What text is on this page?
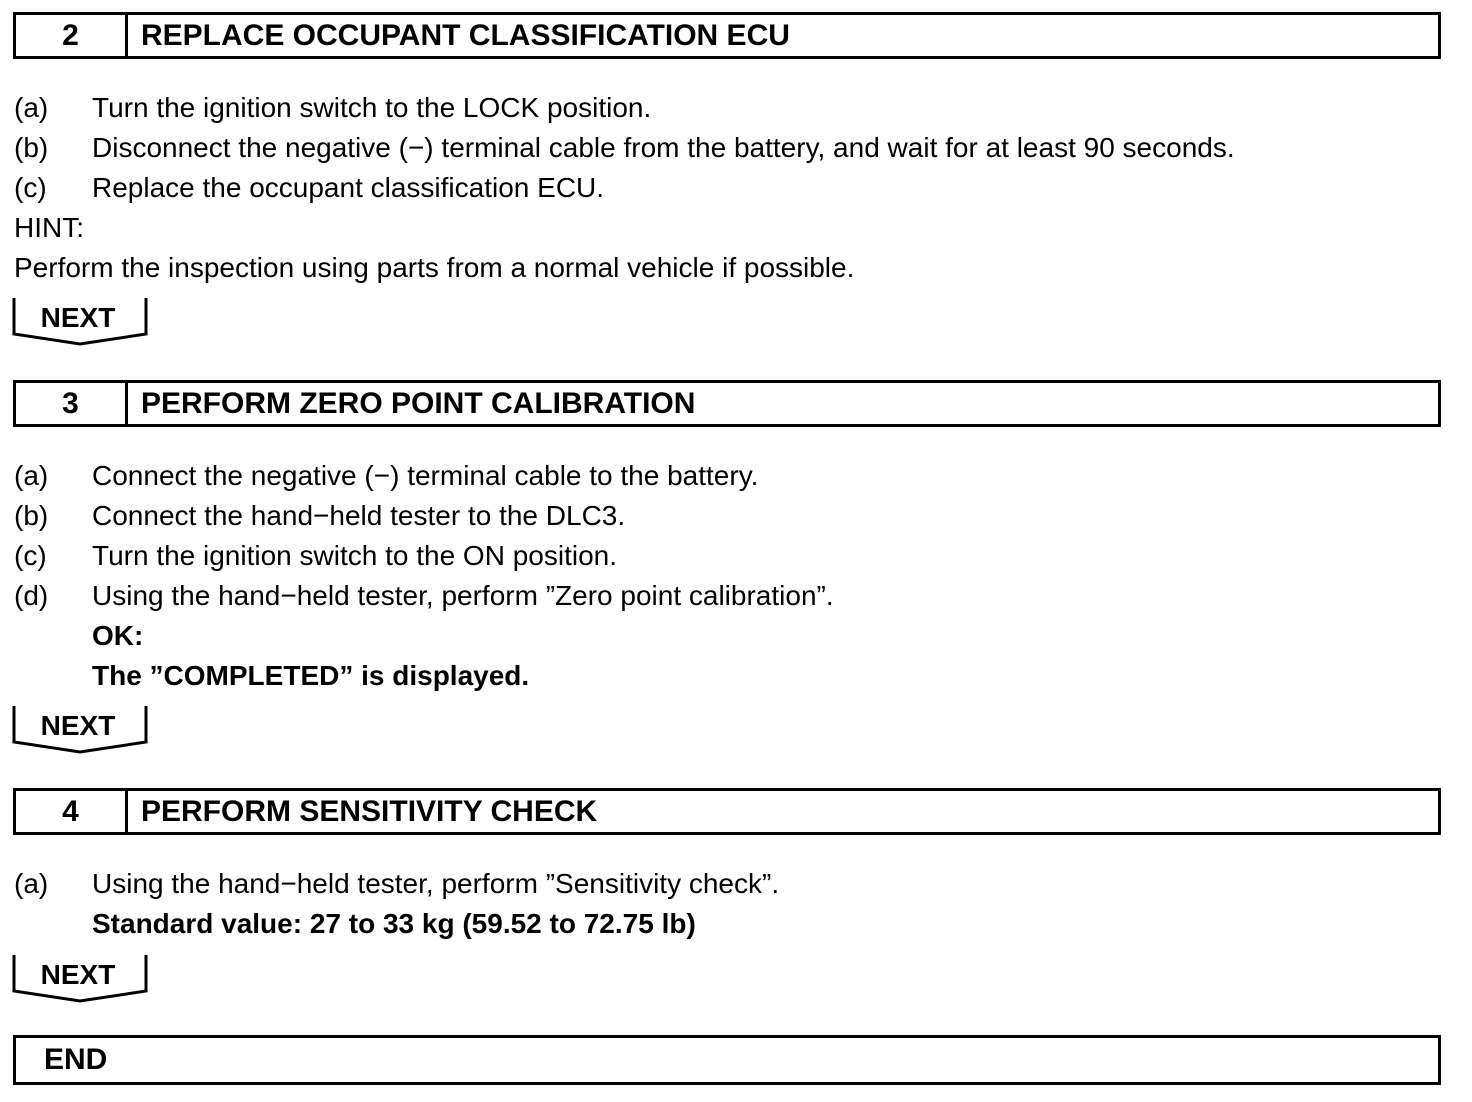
2	REPLACE OCCUPANT CLASSIFICATION ECU
(a) Turn the ignition switch to the LOCK position.
(b) Disconnect the negative (−) terminal cable from the battery, and wait for at least 90 seconds.
(c) Replace the occupant classification ECU.
HINT:
Perform the inspection using parts from a normal vehicle if possible.
NEXT
3	PERFORM ZERO POINT CALIBRATION
(a) Connect the negative (−) terminal cable to the battery.
(b) Connect the hand−held tester to the DLC3.
(c) Turn the ignition switch to the ON position.
(d) Using the hand−held tester, perform ”Zero point calibration”.
OK:
The ”COMPLETED” is displayed.
NEXT
4	PERFORM SENSITIVITY CHECK
(a) Using the hand−held tester, perform ”Sensitivity check”.
Standard value: 27 to 33 kg (59.52 to 72.75 lb)
NEXT
END
